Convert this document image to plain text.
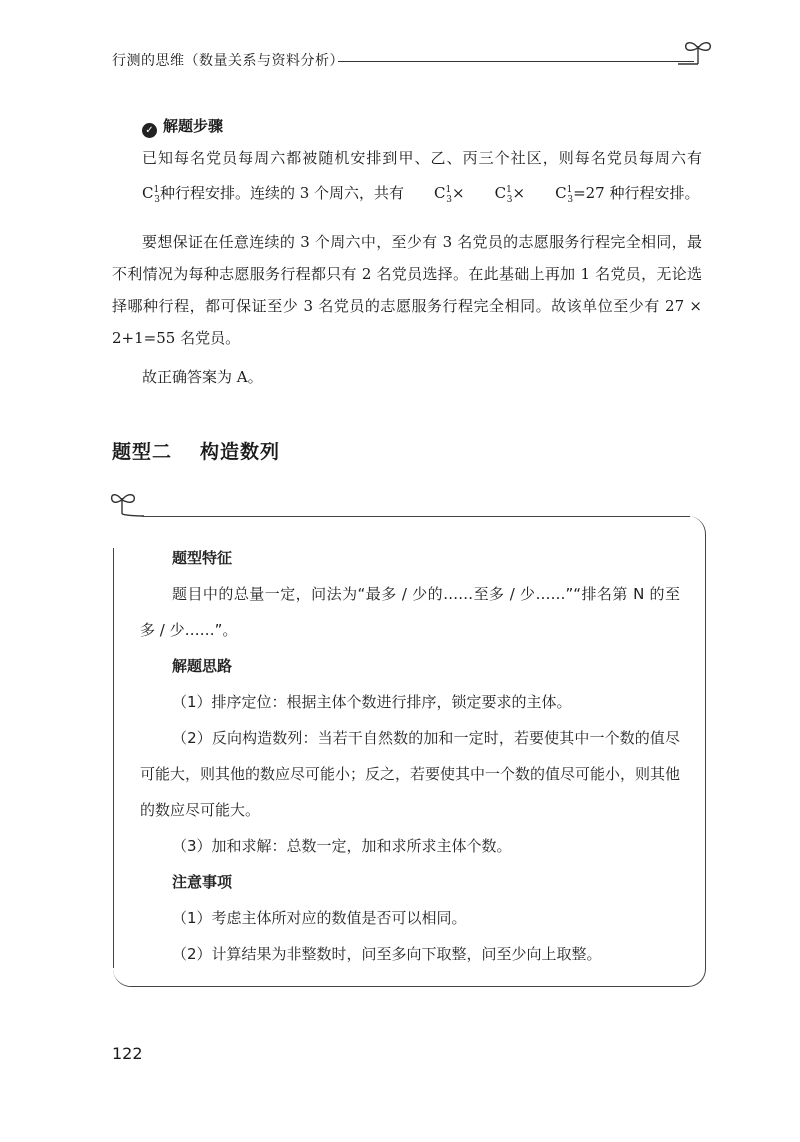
行测的思维（数量关系与资料分析）
✓ 解题步骤
已知每名党员每周六都被随机安排到甲、乙、丙三个社区，则每名党员每周六有$C^1_3$种行程安排。连续的 3 个周六，共有 $C^1_3\times C^1_3\times C^1_3=27$ 种行程安排。
要想保证在任意连续的 3 个周六中，至少有 3 名党员的志愿服务行程完全相同，最不利情况为每种志愿服务行程都只有 2 名党员选择。在此基础上再加 1 名党员，无论选择哪种行程，都可保证至少 3 名党员的志愿服务行程完全相同。故该单位至少有 27 × 2+1=55 名党员。
故正确答案为 A。
题型二 构造数列
题型特征
题目中的总量一定，问法为“最多 / 少的……至多 / 少……”“排名第 N 的至多 / 少……”。
解题思路
（1）排序定位：根据主体个数进行排序，锁定要求的主体。
（2）反向构造数列：当若干自然数的加和一定时，若要使其中一个数的值尽可能大，则其他的数应尽可能小；反之，若要使其中一个数的值尽可能小，则其他的数应尽可能大。
（3）加和求解：总数一定，加和求所求主体个数。
注意事项
（1）考虑主体所对应的数值是否可以相同。
（2）计算结果为非整数时，问至多向下取整，问至少向上取整。
122
